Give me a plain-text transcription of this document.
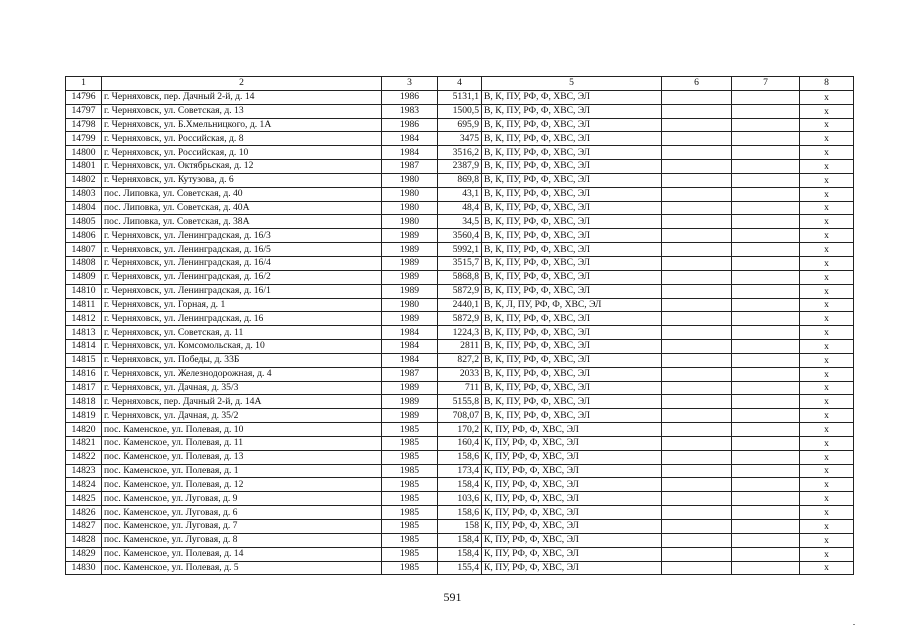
1	2	3	4	5	6	7	8
14796	г. Черняховск, пер. Дачный 2-й, д. 14	1986	5131,1	В, К, ПУ, РФ, Ф, ХВС, ЭЛ			x
14797	г. Черняховск, ул. Советская, д. 13	1983	1500,5	В, К, ПУ, РФ, Ф, ХВС, ЭЛ			x
14798	г. Черняховск, ул. Б.Хмельницкого, д. 1А	1986	695,9	В, К, ПУ, РФ, Ф, ХВС, ЭЛ			x
14799	г. Черняховск, ул. Российская, д. 8	1984	3475	В, К, ПУ, РФ, Ф, ХВС, ЭЛ			x
14800	г. Черняховск, ул. Российская, д. 10	1984	3516,2	В, К, ПУ, РФ, Ф, ХВС, ЭЛ			x
14801	г. Черняховск, ул. Октябрьская, д. 12	1987	2387,9	В, К, ПУ, РФ, Ф, ХВС, ЭЛ			x
14802	г. Черняховск, ул. Кутузова, д. 6	1980	869,8	В, К, ПУ, РФ, Ф, ХВС, ЭЛ			x
14803	пос. Липовка, ул. Советская, д. 40	1980	43,1	В, К, ПУ, РФ, Ф, ХВС, ЭЛ			x
14804	пос. Липовка, ул. Советская, д. 40А	1980	48,4	В, К, ПУ, РФ, Ф, ХВС, ЭЛ			x
14805	пос. Липовка, ул. Советская, д. 38А	1980	34,5	В, К, ПУ, РФ, Ф, ХВС, ЭЛ			x
14806	г. Черняховск, ул. Ленинградская, д. 16/3	1989	3560,4	В, К, ПУ, РФ, Ф, ХВС, ЭЛ			x
14807	г. Черняховск, ул. Ленинградская, д. 16/5	1989	5992,1	В, К, ПУ, РФ, Ф, ХВС, ЭЛ			x
14808	г. Черняховск, ул. Ленинградская, д. 16/4	1989	3515,7	В, К, ПУ, РФ, Ф, ХВС, ЭЛ			x
14809	г. Черняховск, ул. Ленинградская, д. 16/2	1989	5868,8	В, К, ПУ, РФ, Ф, ХВС, ЭЛ			x
14810	г. Черняховск, ул. Ленинградская, д. 16/1	1989	5872,9	В, К, ПУ, РФ, Ф, ХВС, ЭЛ			x
14811	г. Черняховск, ул. Горная, д. 1	1980	2440,1	В, К, Л, ПУ, РФ, Ф, ХВС, ЭЛ			x
14812	г. Черняховск, ул. Ленинградская, д. 16	1989	5872,9	В, К, ПУ, РФ, Ф, ХВС, ЭЛ			x
14813	г. Черняховск, ул. Советская, д. 11	1984	1224,3	В, К, ПУ, РФ, Ф, ХВС, ЭЛ			x
14814	г. Черняховск, ул. Комсомольская, д. 10	1984	2811	В, К, ПУ, РФ, Ф, ХВС, ЭЛ			x
14815	г. Черняховск, ул. Победы, д. 33Б	1984	827,2	В, К, ПУ, РФ, Ф, ХВС, ЭЛ			x
14816	г. Черняховск, ул. Железнодорожная, д. 4	1987	2033	В, К, ПУ, РФ, Ф, ХВС, ЭЛ			x
14817	г. Черняховск, ул. Дачная, д. 35/3	1989	711	В, К, ПУ, РФ, Ф, ХВС, ЭЛ			x
14818	г. Черняховск, пер. Дачный 2-й, д. 14А	1989	5155,8	В, К, ПУ, РФ, Ф, ХВС, ЭЛ			x
14819	г. Черняховск, ул. Дачная, д. 35/2	1989	708,07	В, К, ПУ, РФ, Ф, ХВС, ЭЛ			x
14820	пос. Каменское, ул. Полевая, д. 10	1985	170,2	К, ПУ, РФ, Ф, ХВС, ЭЛ			x
14821	пос. Каменское, ул. Полевая, д. 11	1985	160,4	К, ПУ, РФ, Ф, ХВС, ЭЛ			x
14822	пос. Каменское, ул. Полевая, д. 13	1985	158,6	К, ПУ, РФ, Ф, ХВС, ЭЛ			x
14823	пос. Каменское, ул. Полевая, д. 1	1985	173,4	К, ПУ, РФ, Ф, ХВС, ЭЛ			x
14824	пос. Каменское, ул. Полевая, д. 12	1985	158,4	К, ПУ, РФ, Ф, ХВС, ЭЛ			x
14825	пос. Каменское, ул. Луговая, д. 9	1985	103,6	К, ПУ, РФ, Ф, ХВС, ЭЛ			x
14826	пос. Каменское, ул. Луговая, д. 6	1985	158,6	К, ПУ, РФ, Ф, ХВС, ЭЛ			x
14827	пос. Каменское, ул. Луговая, д. 7	1985	158	К, ПУ, РФ, Ф, ХВС, ЭЛ			x
14828	пос. Каменское, ул. Луговая, д. 8	1985	158,4	К, ПУ, РФ, Ф, ХВС, ЭЛ			x
14829	пос. Каменское, ул. Полевая, д. 14	1985	158,4	К, ПУ, РФ, Ф, ХВС, ЭЛ			x
14830	пос. Каменское, ул. Полевая, д. 5	1985	155,4	К, ПУ, РФ, Ф, ХВС, ЭЛ			x
591
